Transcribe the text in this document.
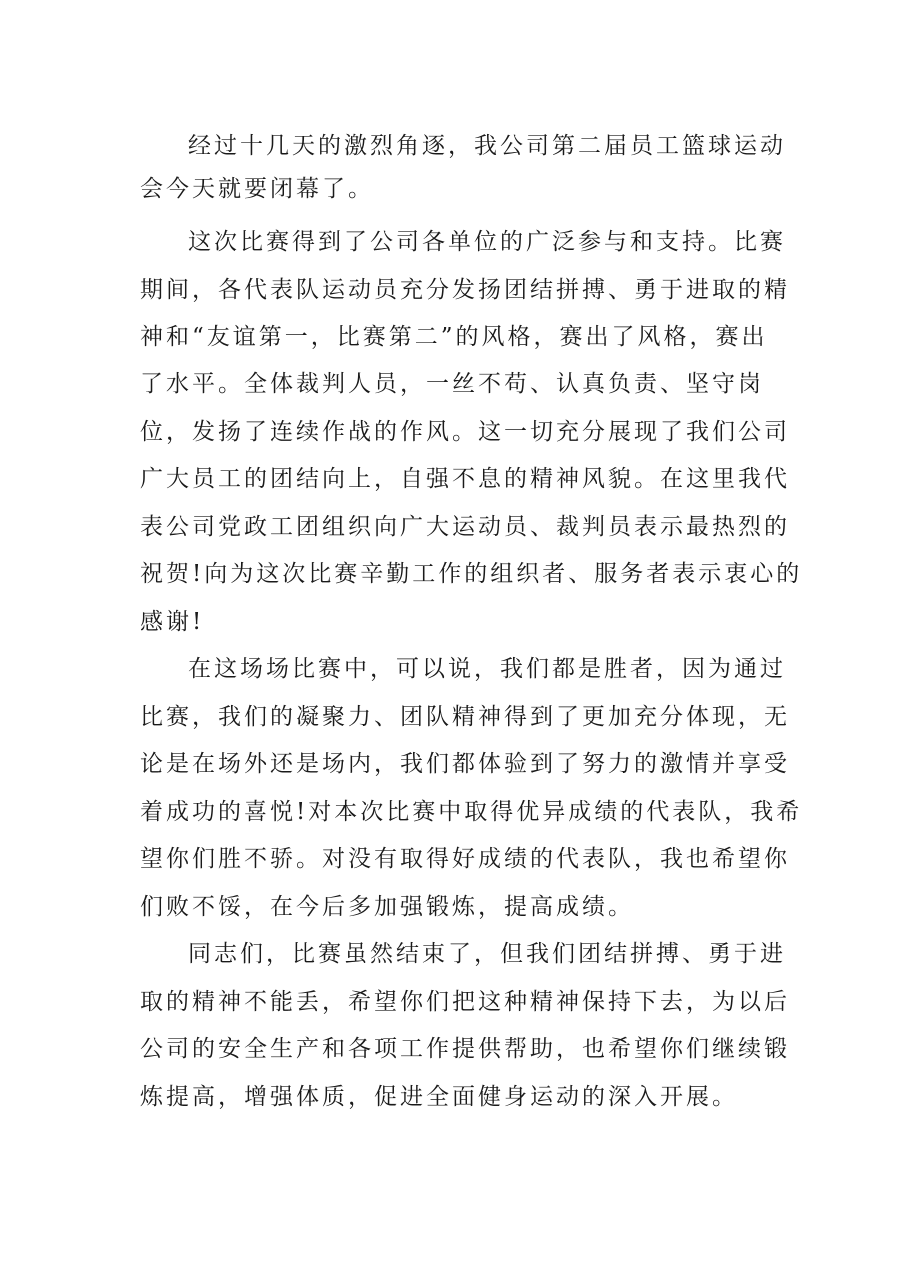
经过十几天的激烈角逐，我公司第二届员工篮球运动
会今天就要闭幕了。
这次比赛得到了公司各单位的广泛参与和支持。比赛
期间，各代表队运动员充分发扬团结拼搏、勇于进取的精
神和“友谊第一，比赛第二”的风格，赛出了风格，赛出
了水平。全体裁判人员，一丝不苟、认真负责、坚守岗
位，发扬了连续作战的作风。这一切充分展现了我们公司
广大员工的团结向上，自强不息的精神风貌。在这里我代
表公司党政工团组织向广大运动员、裁判员表示最热烈的
祝贺!向为这次比赛辛勤工作的组织者、服务者表示衷心的
感谢!
在这场场比赛中，可以说，我们都是胜者，因为通过
比赛，我们的凝聚力、团队精神得到了更加充分体现，无
论是在场外还是场内，我们都体验到了努力的激情并享受
着成功的喜悦!对本次比赛中取得优异成绩的代表队，我希
望你们胜不骄。对没有取得好成绩的代表队，我也希望你
们败不馁，在今后多加强锻炼，提高成绩。
同志们，比赛虽然结束了，但我们团结拼搏、勇于进
取的精神不能丢，希望你们把这种精神保持下去，为以后
公司的安全生产和各项工作提供帮助，也希望你们继续锻
炼提高，增强体质，促进全面健身运动的深入开展。
